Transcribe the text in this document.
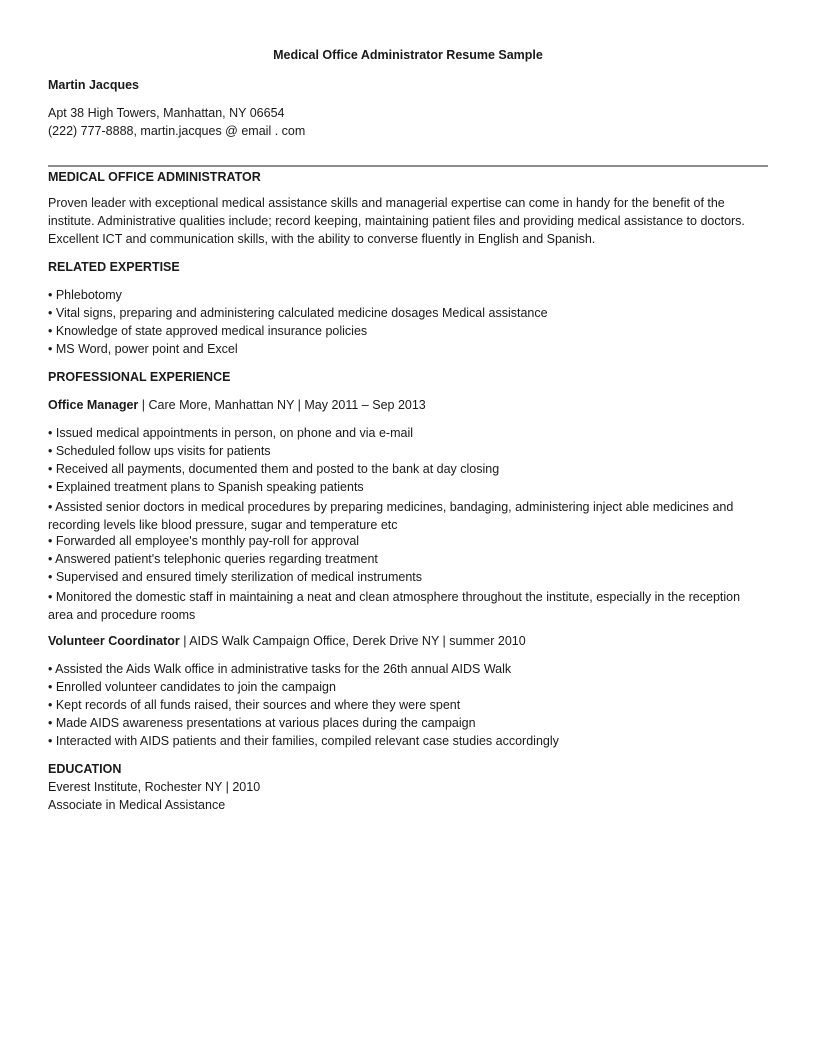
Medical Office Administrator Resume Sample
Martin Jacques
Apt 38 High Towers, Manhattan, NY 06654
(222) 777-8888, martin.jacques @ email . com
MEDICAL OFFICE ADMINISTRATOR
Proven leader with exceptional medical assistance skills and managerial expertise can come in handy for the benefit of the institute. Administrative qualities include; record keeping, maintaining patient files and providing medical assistance to doctors. Excellent ICT and communication skills, with the ability to converse fluently in English and Spanish.
RELATED EXPERTISE
• Phlebotomy
• Vital signs, preparing and administering calculated medicine dosages Medical assistance
• Knowledge of state approved medical insurance policies
• MS Word, power point and Excel
PROFESSIONAL EXPERIENCE
Office Manager | Care More, Manhattan NY | May 2011 – Sep 2013
• Issued medical appointments in person, on phone and via e-mail
• Scheduled follow ups visits for patients
• Received all payments, documented them and posted to the bank at day closing
• Explained treatment plans to Spanish speaking patients
• Assisted senior doctors in medical procedures by preparing medicines, bandaging, administering inject able medicines and recording levels like blood pressure, sugar and temperature etc
• Forwarded all employee's monthly pay-roll for approval
• Answered patient's telephonic queries regarding treatment
• Supervised and ensured timely sterilization of medical instruments
• Monitored the domestic staff in maintaining a neat and clean atmosphere throughout the institute, especially in the reception area and procedure rooms
Volunteer Coordinator | AIDS Walk Campaign Office, Derek Drive NY | summer 2010
• Assisted the Aids Walk office in administrative tasks for the 26th annual AIDS Walk
• Enrolled volunteer candidates to join the campaign
• Kept records of all funds raised, their sources and where they were spent
• Made AIDS awareness presentations at various places during the campaign
• Interacted with AIDS patients and their families, compiled relevant case studies accordingly
EDUCATION
Everest Institute, Rochester NY | 2010
Associate in Medical Assistance
